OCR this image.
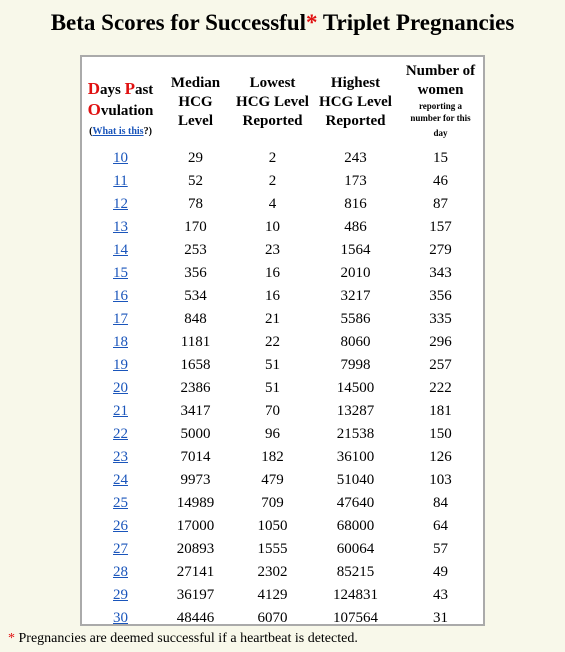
Beta Scores for Successful* Triplet Pregnancies
Days Past
Ovulation
(What is this?)	Median
HCG
Level	Lowest
HCG Level
Reported	Highest
HCG Level
Reported	Number of
women
reporting a
number for this
day

10	29	2	243	15
11	52	2	173	46
12	78	4	816	87
13	170	10	486	157
14	253	23	1564	279
15	356	16	2010	343
16	534	16	3217	356
17	848	21	5586	335
18	1181	22	8060	296
19	1658	51	7998	257
20	2386	51	14500	222
21	3417	70	13287	181
22	5000	96	21538	150
23	7014	182	36100	126
24	9973	479	51040	103
25	14989	709	47640	84
26	17000	1050	68000	64
27	20893	1555	60064	57
28	27141	2302	85215	49
29	36197	4129	124831	43
30	48446	6070	107564	31
* Pregnancies are deemed successful if a heartbeat is detected.
